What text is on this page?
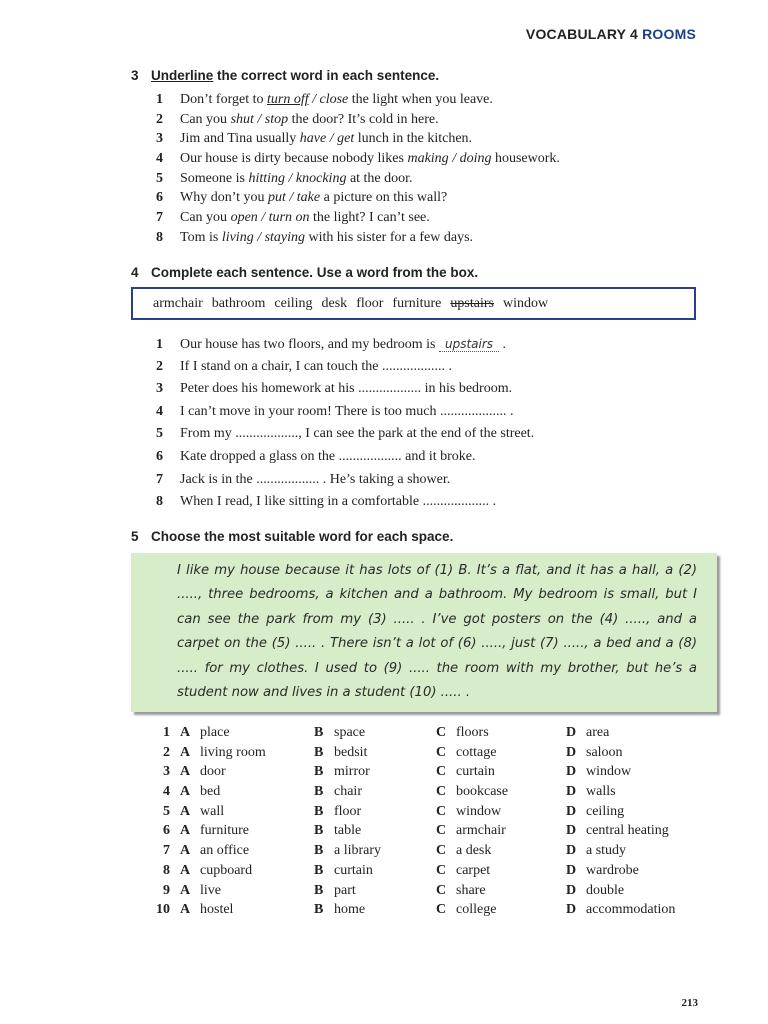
VOCABULARY 4 ROOMS
3 Underline the correct word in each sentence.
1 Don’t forget to turn off / close the light when you leave.
2 Can you shut / stop the door? It’s cold in here.
3 Jim and Tina usually have / get lunch in the kitchen.
4 Our house is dirty because nobody likes making / doing housework.
5 Someone is hitting / knocking at the door.
6 Why don’t you put / take a picture on this wall?
7 Can you open / turn on the light? I can’t see.
8 Tom is living / staying with his sister for a few days.
4 Complete each sentence. Use a word from the box.
armchair bathroom ceiling desk floor furniture upstairs window
1 Our house has two floors, and my bedroom is upstairs .
2 If I stand on a chair, I can touch the .................. .
3 Peter does his homework at his .................. in his bedroom.
4 I can’t move in your room! There is too much ................... .
5 From my .................., I can see the park at the end of the street.
6 Kate dropped a glass on the .................. and it broke.
7 Jack is in the .................. . He’s taking a shower.
8 When I read, I like sitting in a comfortable ................... .
5 Choose the most suitable word for each space.
I like my house because it has lots of (1) B. It’s a flat, and it has a hall, a (2) ....., three bedrooms, a kitchen and a bathroom. My bedroom is small, but I can see the park from my (3) ..... . I’ve got posters on the (4) ....., and a carpet on the (5) ..... . There isn’t a lot of (6) ....., just (7) ....., a bed and a (8) ..... for my clothes. I used to (9) ..... the room with my brother, but he’s a student now and lives in a student (10) ..... .
1 A place	B space	C floors	D area
2 A living room	B bedsit	C cottage	D saloon
3 A door	B mirror	C curtain	D window
4 A bed	B chair	C bookcase	D walls
5 A wall	B floor	C window	D ceiling
6 A furniture	B table	C armchair	D central heating
7 A an office	B a library	C a desk	D a study
8 A cupboard	B curtain	C carpet	D wardrobe
9 A live	B part	C share	D double
10 A hostel	B home	C college	D accommodation
213
